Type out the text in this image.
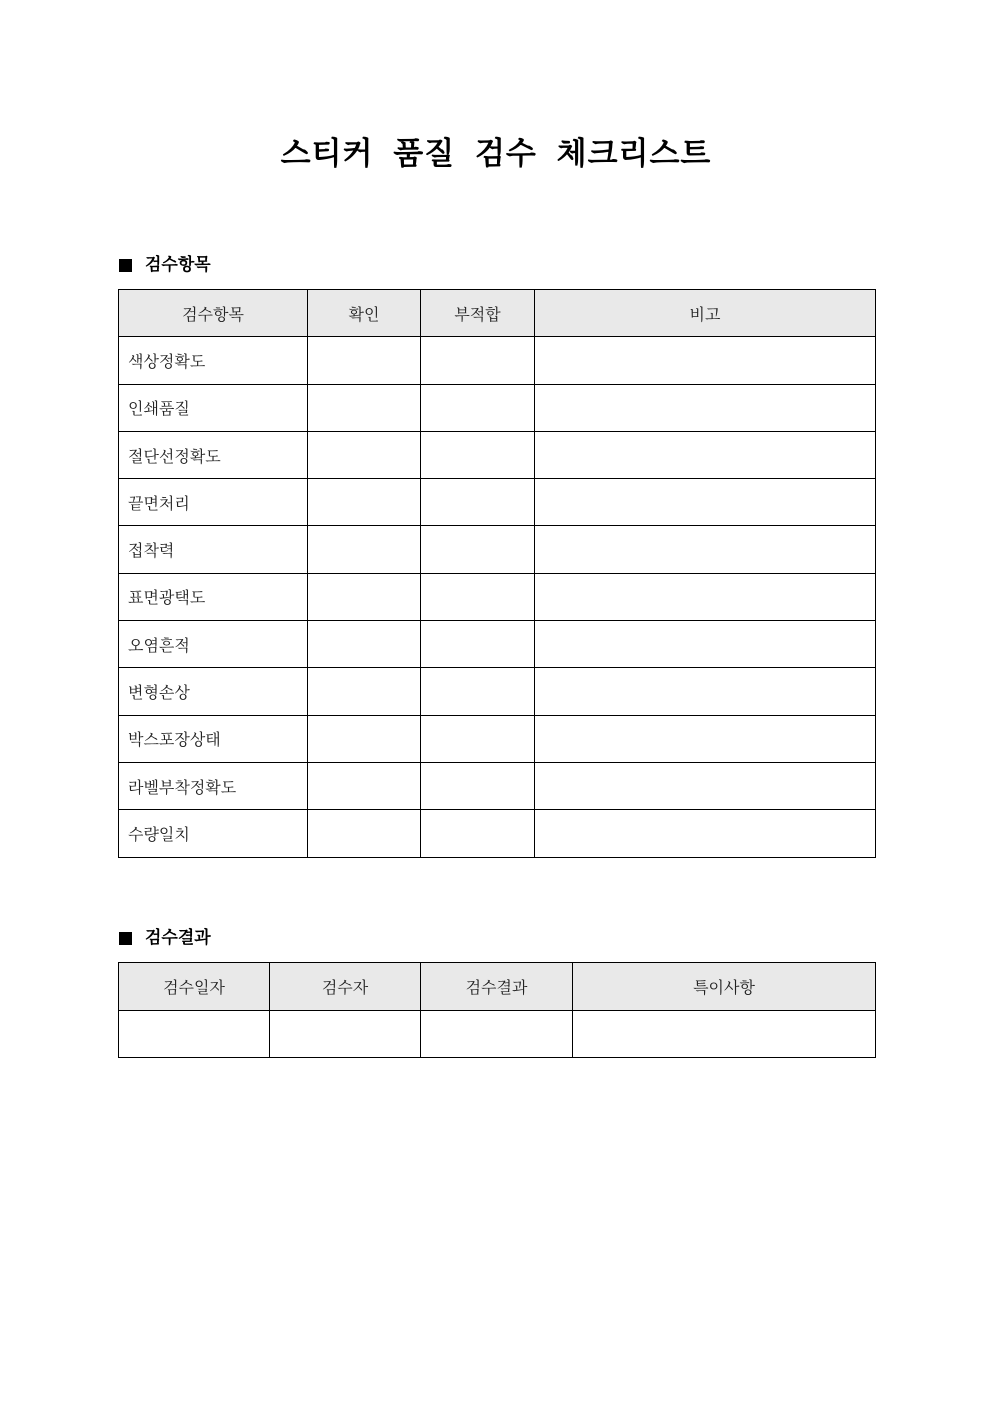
스티커 품질 검수 체크리스트
검수항목
검수항목	확인	부적합	비고
색상정확도			
인쇄품질			
절단선정확도			
끝면처리			
접착력			
표면광택도			
오염흔적			
변형손상			
박스포장상태			
라벨부착정확도			
수량일치			
검수결과
검수일자	검수자	검수결과	특이사항
